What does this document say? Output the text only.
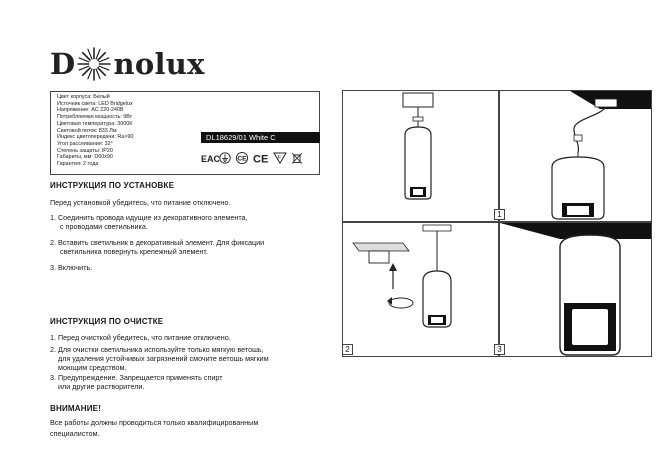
D nolux
Цвет корпуса: Белый
Источник света: LED Bridgelux
Напряжение: AC 220-240В
Потребляемая мощность: 9Вт
Цветовая температура: 3000К
Световой поток: 833 Лм
Индекс цветопередачи: Ra>90
Угол рассеивания: 32°
Степень защиты: IP20
Габариты, мм: D60х90
Гарантия: 2 года
DL18629/01 White C
EAC	CE CE F
ИНСТРУКЦИЯ ПО УСТАНОВКЕ
Перед установкой убедитесь, что питание отключено.
1. Соединить провода идущие из декоративного элемента,
с проводами светильника.
2. Вставить светильник в декоративный элемент. Для фиксации
светильника повернуть крепежный элемент.
3. Включить.
ИНСТРУКЦИЯ ПО ОЧИСТКЕ
1. Перед очисткой убедитесь, что питание отключено.
2. Для очистки светильника используйте только мягкую ветошь,
для удаления устойчивых загрязнений смочите ветошь мягким
моющим средством.
3. Предупреждение. Запрещается применять спирт
или другие растворители.
ВНИМАНИЕ!
Все работы должны проводиться только квалифицированным
специалистом.
1
2	3
